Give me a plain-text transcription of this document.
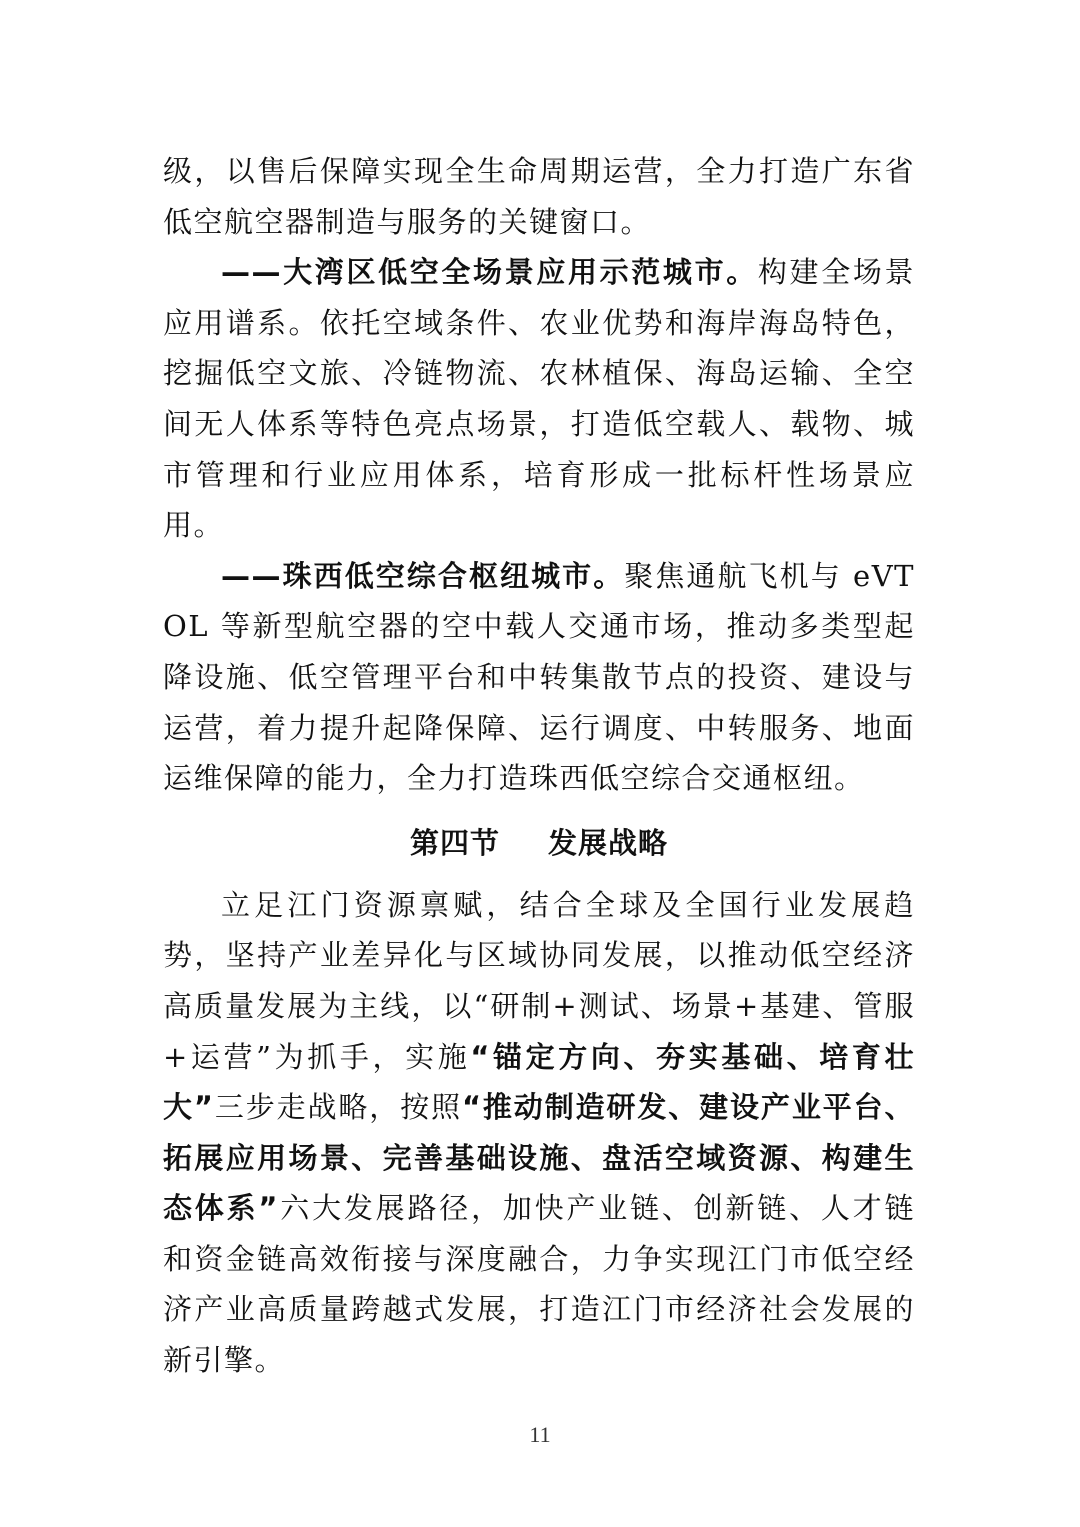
级，以售后保障实现全生命周期运营，全力打造广东省低空航空器制造与服务的关键窗口。

——大湾区低空全场景应用示范城市。构建全场景应用谱系。依托空域条件、农业优势和海岸海岛特色，挖掘低空文旅、冷链物流、农林植保、海岛运输、全空间无人体系等特色亮点场景，打造低空载人、载物、城市管理和行业应用体系，培育形成一批标杆性场景应用。

——珠西低空综合枢纽城市。聚焦通航飞机与 eVTOL 等新型航空器的空中载人交通市场，推动多类型起降设施、低空管理平台和中转集散节点的投资、建设与运营，着力提升起降保障、运行调度、中转服务、地面运维保障的能力，全力打造珠西低空综合交通枢纽。

第四节 发展战略

立足江门资源禀赋，结合全球及全国行业发展趋势，坚持产业差异化与区域协同发展，以推动低空经济高质量发展为主线，以“研制+测试、场景+基建、管服+运营”为抓手，实施“锚定方向、夯实基础、培育壮大”三步走战略，按照“推动制造研发、建设产业平台、拓展应用场景、完善基础设施、盘活空域资源、构建生态体系”六大发展路径，加快产业链、创新链、人才链和资金链高效衔接与深度融合，力争实现江门市低空经济产业高质量跨越式发展，打造江门市经济社会发展的新引擎。

11
